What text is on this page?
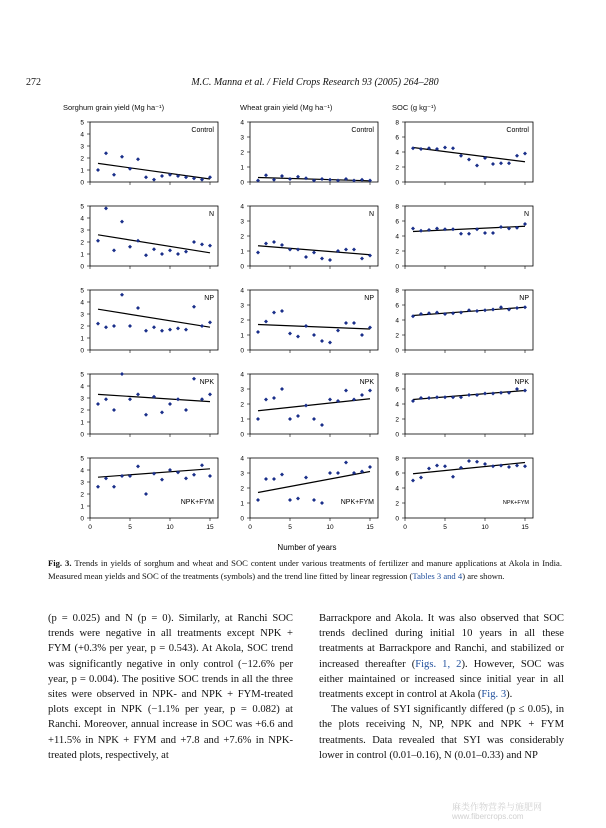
272	M.C. Manna et al. / Field Crops Research 93 (2005) 264–280
Sorghum grain yield (Mg ha⁻¹)	Wheat grain yield (Mg ha⁻¹)	SOC (g kg⁻¹)
0
1
2
3
4
5
Control
0
1
2
3
4
Control
0
2
4
6
8
Control
0
1
2
3
4
5
N
0
1
2
3
4
N
0
2
4
6
8
N
0
1
2
3
4
5
NP
0
1
2
3
4
NP
0
2
4
6
8
NP
0
1
2
3
4
5
NPK
0
1
2
3
4
NPK
0
2
4
6
8
NPK
0
1
2
3
4
5
0	5	10	15
NPK+FYM
0
1
2
3
4
0	5	10	15
NPK+FYM
0
2
4
6
8
0	5	10	15
NPK+FYM
Number of years
Fig. 3. Trends in yields of sorghum and wheat and SOC content under various treatments of fertilizer and manure applications at Akola in India. Measured mean yields and SOC of the treatments (symbols) and the trend line fitted by linear regression (Tables 3 and 4) are shown.

(p = 0.025) and N (p = 0). Similarly, at Ranchi SOC trends were negative in all treatments except NPK + FYM (+0.3% per year, p = 0.543). At Akola, SOC trend was significantly negative in only control (−12.6% per year, p = 0.004). The positive SOC trends in all the three sites were observed in NPK- and NPK + FYM-treated plots except in NPK (−1.1% per year, p = 0.082) at Ranchi. Moreover, annual increase in SOC was +6.6 and +11.5% in NPK + FYM and +7.8 and +7.6% in NPK-treated plots, respectively, at

Barrackpore and Akola. It was also observed that SOC trends declined during initial 10 years in all these treatments at Barrackpore and Ranchi, and stabilized or increased thereafter (Figs. 1, 2). However, SOC was either maintained or increased since initial year in all treatments except in control at Akola (Fig. 3).

The values of SYI significantly differed (p ≤ 0.05), in the plots receiving N, NP, NPK and NPK + FYM treatments. Data revealed that SYI was considerably lower in control (0.01–0.16), N (0.01–0.33) and NP

麻类作物营养与施肥网
www.fibercrops.com
